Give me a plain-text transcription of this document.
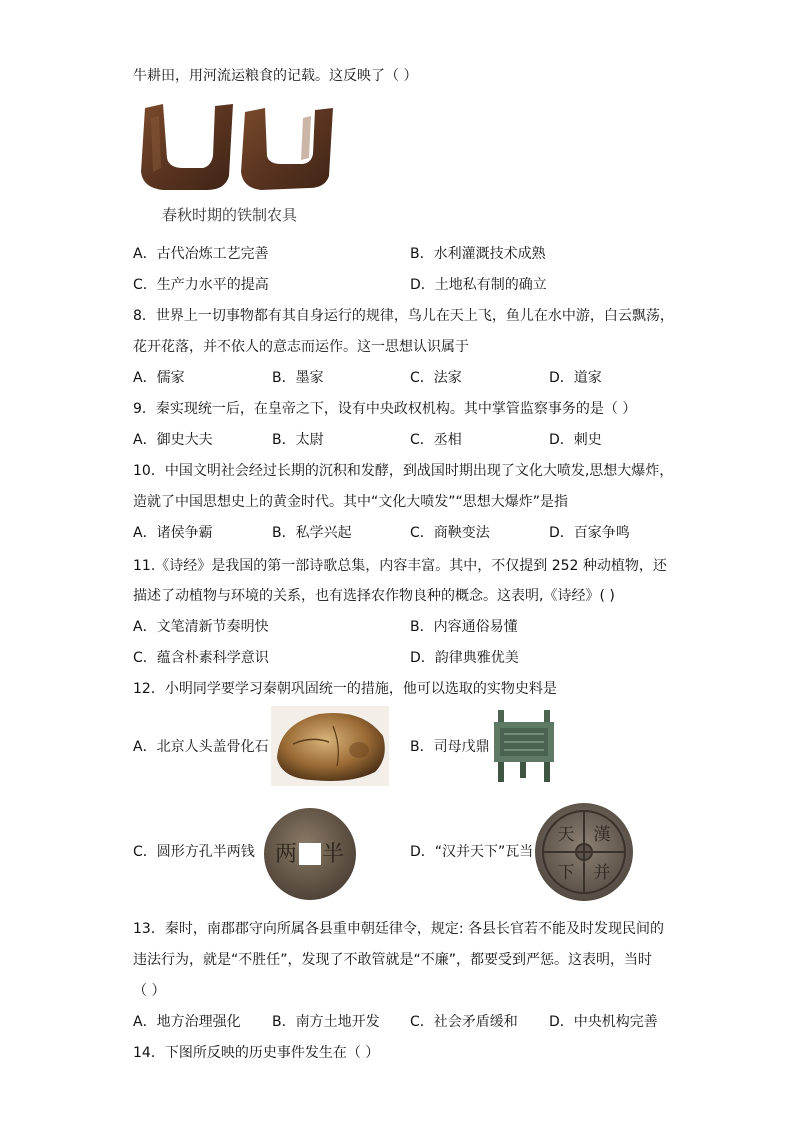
牛耕田，用河流运粮食的记载。这反映了（ ）
春秋时期的铁制农具
A．古代冶炼工艺完善	B．水利灌溉技术成熟
C．生产力水平的提高	D．土地私有制的确立
8．世界上一切事物都有其自身运行的规律，鸟儿在天上飞，鱼儿在水中游，白云飘荡，
花开花落，并不依人的意志而运作。这一思想认识属于
A．儒家	B．墨家	C．法家	D．道家
9．秦实现统一后，在皇帝之下，设有中央政权机构。其中掌管监察事务的是（ ）
A．御史大夫	B．太尉	C．丞相	D．刺史
10．中国文明社会经过长期的沉积和发酵，到战国时期出现了文化大喷发,思想大爆炸，
造就了中国思想史上的黄金时代。其中“文化大喷发”“思想大爆炸”是指
A．诸侯争霸	B．私学兴起	C．商鞅变法	D．百家争鸣
11.《诗经》是我国的第一部诗歌总集，内容丰富。其中，不仅提到 252 种动植物，还
描述了动植物与环境的关系，也有选择农作物良种的概念。这表明,《诗经》( )
A．文笔清新节奏明快	B．内容通俗易懂
C．蕴含朴素科学意识	D．韵律典雅优美
12．小明同学要学习秦朝巩固统一的措施，他可以选取的实物史料是
A．北京人头盖骨化石	B．司母戊鼎
C．圆形方孔半两钱	半
两	D．“汉并天下”瓦当
漢
并
天
下
13．秦时，南郡郡守向所属各县重申朝廷律令，规定: 各县长官若不能及时发现民间的
违法行为，就是“不胜任”，发现了不敢管就是“不廉”，都要受到严惩。这表明，当时
（ ）
A．地方治理强化 B．南方土地开发 C．社会矛盾缓和 D．中央机构完善
14．下图所反映的历史事件发生在（ ）
